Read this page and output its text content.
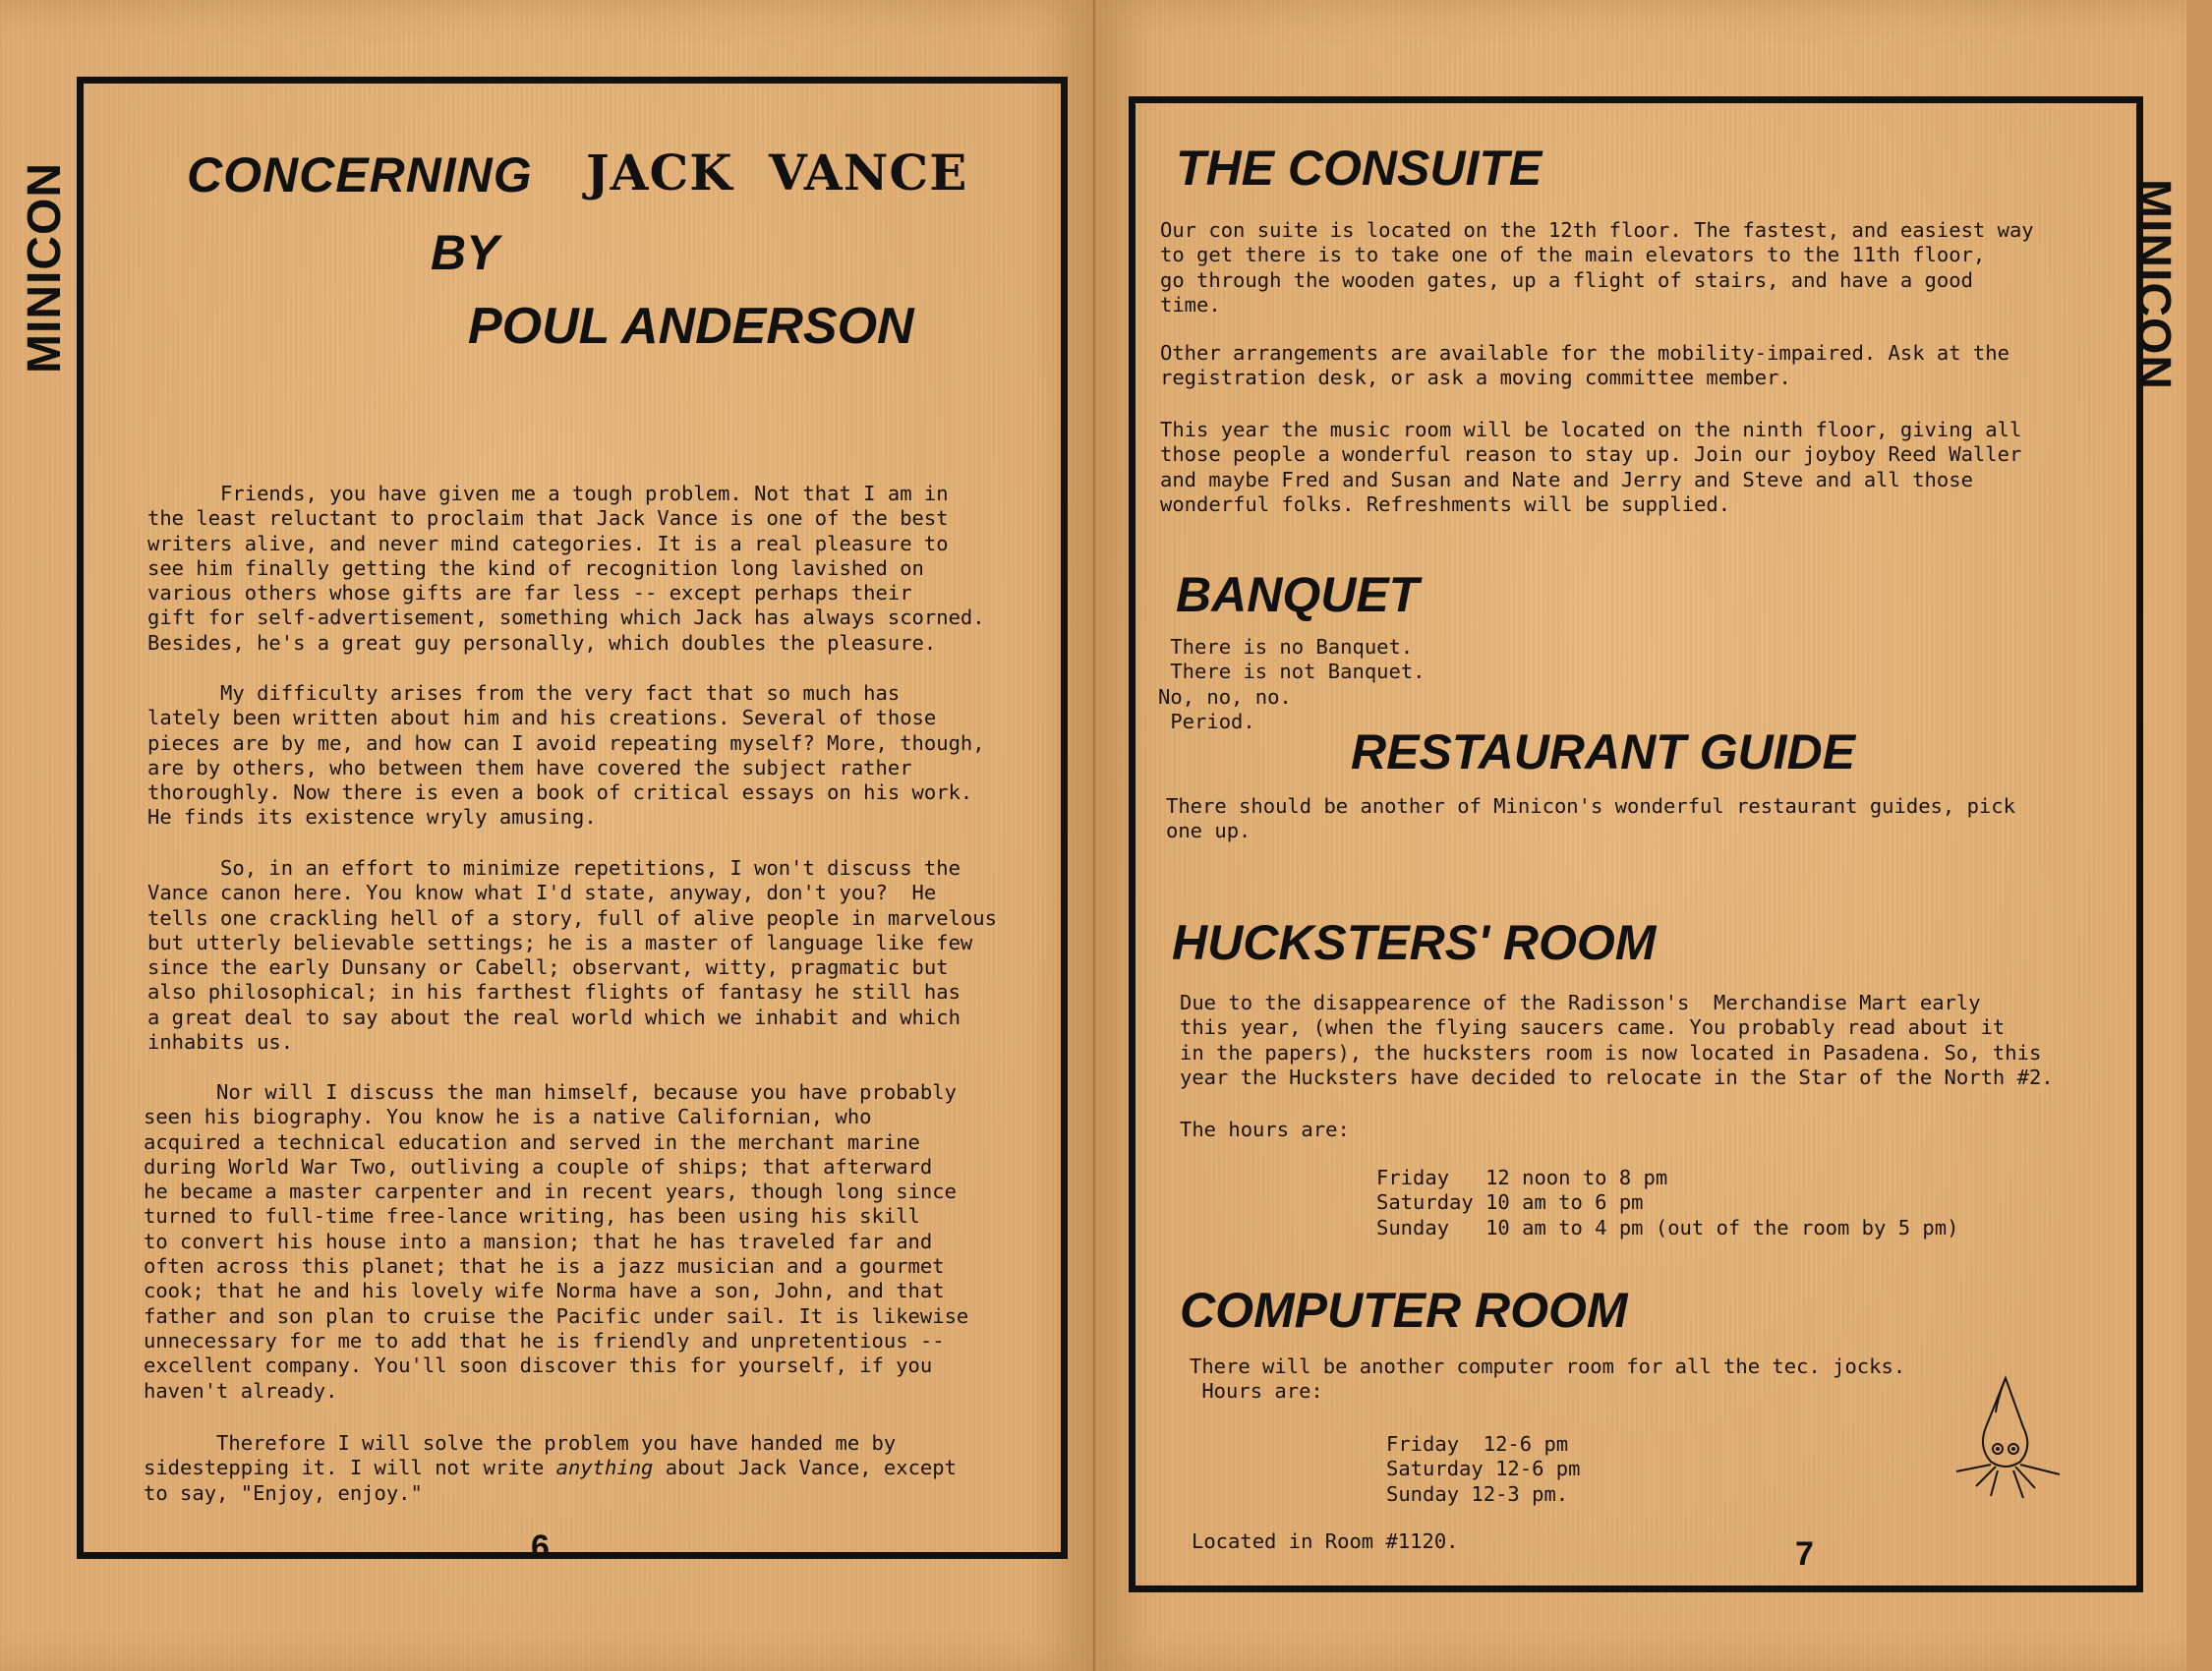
MINICON CONCERNING JACK VANCE
BY
POUL ANDERSON
Friends, you have given me a tough problem. Not that I am in
the least reluctant to proclaim that Jack Vance is one of the best
writers alive, and never mind categories. It is a real pleasure to
see him finally getting the kind of recognition long lavished on
various others whose gifts are far less -- except perhaps their
gift for self-advertisement, something which Jack has always scorned.
Besides, he's a great guy personally, which doubles the pleasure.
My difficulty arises from the very fact that so much has
lately been written about him and his creations. Several of those
pieces are by me, and how can I avoid repeating myself? More, though,
are by others, who between them have covered the subject rather
thoroughly. Now there is even a book of critical essays on his work.
He finds its existence wryly amusing.
So, in an effort to minimize repetitions, I won't discuss the
Vance canon here. You know what I'd state, anyway, don't you?  He
tells one crackling hell of a story, full of alive people in marvelous
but utterly believable settings; he is a master of language like few
since the early Dunsany or Cabell; observant, witty, pragmatic but
also philosophical; in his farthest flights of fantasy he still has
a great deal to say about the real world which we inhabit and which
inhabits us.
Nor will I discuss the man himself, because you have probably
seen his biography. You know he is a native Californian, who
acquired a technical education and served in the merchant marine
during World War Two, outliving a couple of ships; that afterward
he became a master carpenter and in recent years, though long since
turned to full-time free-lance writing, has been using his skill
to convert his house into a mansion; that he has traveled far and
often across this planet; that he is a jazz musician and a gourmet
cook; that he and his lovely wife Norma have a son, John, and that
father and son plan to cruise the Pacific under sail. It is likewise
unnecessary for me to add that he is friendly and unpretentious --
excellent company. You'll soon discover this for yourself, if you
haven't already.
Therefore I will solve the problem you have handed me by
sidestepping it. I will not write anything about Jack Vance, except
to say, "Enjoy, enjoy."
6
MINICON
THE CONSUITE
Our con suite is located on the 12th floor. The fastest, and easiest way
to get there is to take one of the main elevators to the 11th floor,
go through the wooden gates, up a flight of stairs, and have a good
time.
Other arrangements are available for the mobility-impaired. Ask at the
registration desk, or ask a moving committee member.
This year the music room will be located on the ninth floor, giving all
those people a wonderful reason to stay up. Join our joyboy Reed Waller
and maybe Fred and Susan and Nate and Jerry and Steve and all those
wonderful folks. Refreshments will be supplied.
BANQUET
There is no Banquet.
There is not Banquet.
No, no, no.
Period.
RESTAURANT GUIDE
There should be another of Minicon's wonderful restaurant guides, pick
one up.
HUCKSTERS' ROOM
Due to the disappearence of the Radisson's  Merchandise Mart early
this year, (when the flying saucers came. You probably read about it
in the papers), the hucksters room is now located in Pasadena. So, this
year the Hucksters have decided to relocate in the Star of the North #2.
The hours are:
Friday   12 noon to 8 pm
Saturday 10 am to 6 pm
Sunday   10 am to 4 pm (out of the room by 5 pm)
COMPUTER ROOM
There will be another computer room for all the tec. jocks.
Hours are:
Friday  12-6 pm
Saturday 12-6 pm
Sunday 12-3 pm.
Located in Room #1120.	7
